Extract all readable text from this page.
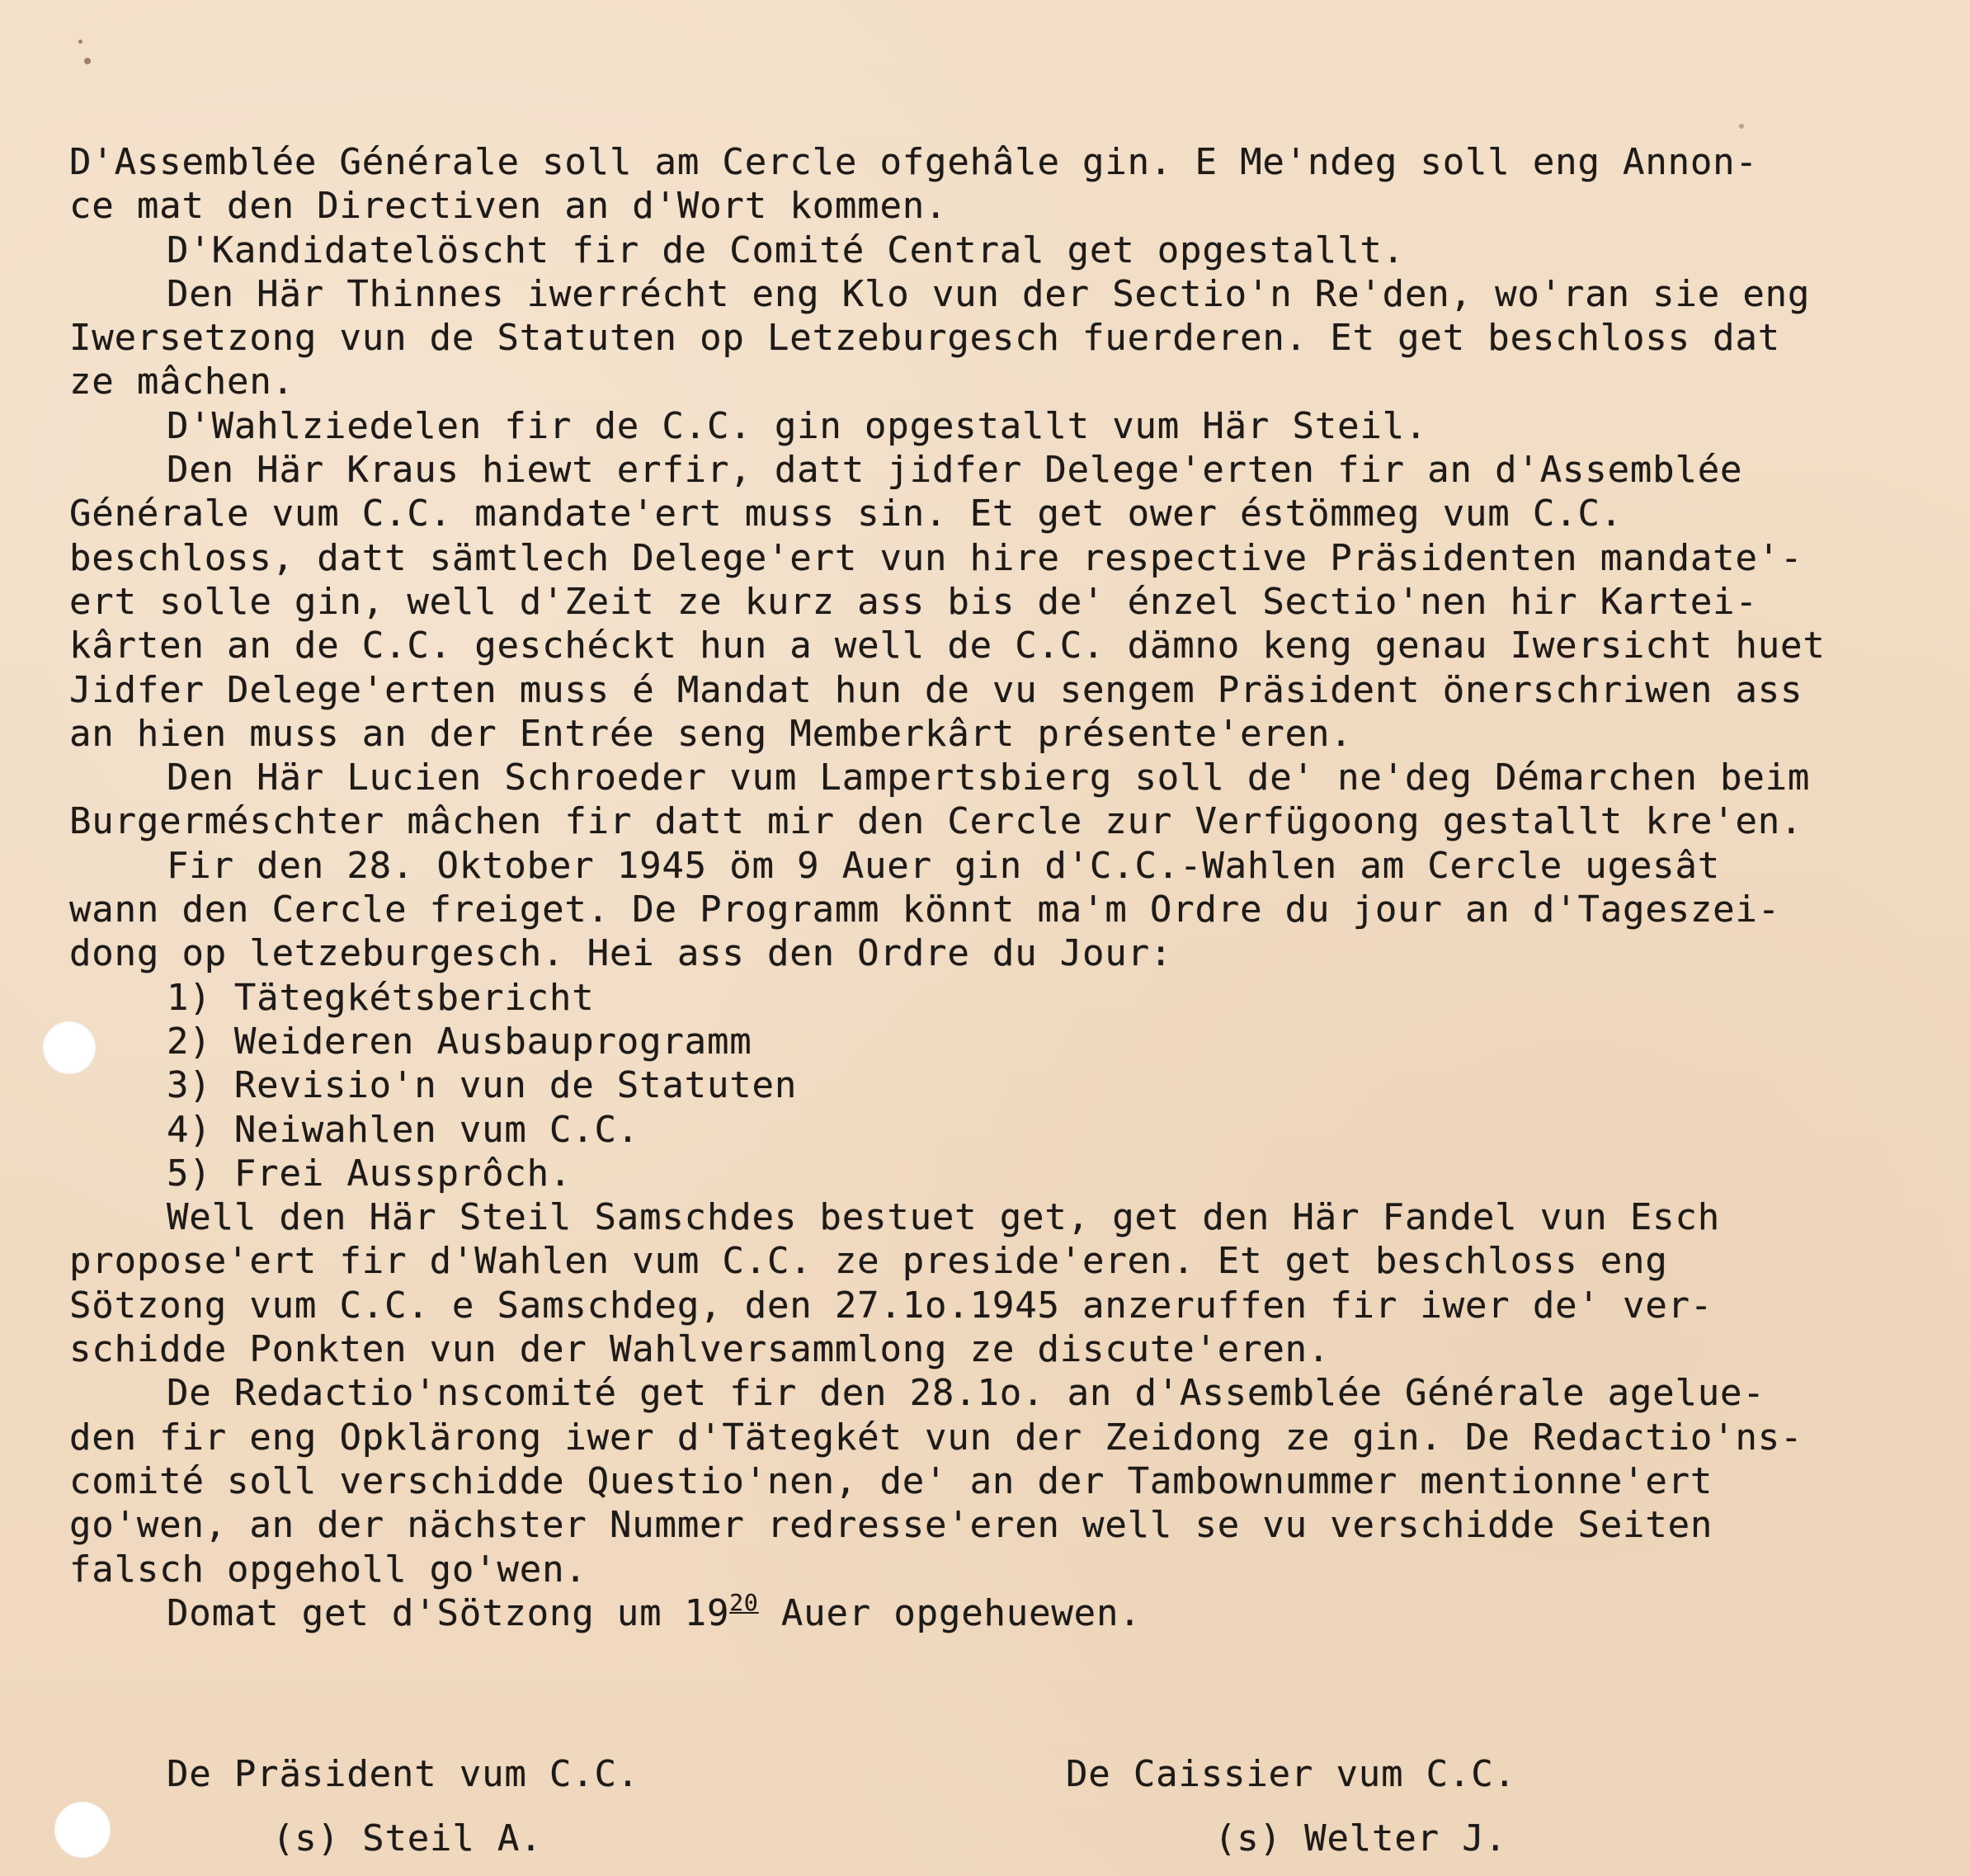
D'Assemblée Générale soll am Cercle ofgehâle gin. E Me'ndeg soll eng Annon-
ce mat den Directiven an d'Wort kommen.
D'Kandidatelöscht fir de Comité Central get opgestallt.
Den Här Thinnes iwerrécht eng Klo vun der Sectio'n Re'den, wo'ran sie eng
Iwersetzong vun de Statuten op Letzeburgesch fuerderen. Et get beschloss dat
ze mâchen.
D'Wahlziedelen fir de C.C. gin opgestallt vum Här Steil.
Den Här Kraus hiewt erfir, datt jidfer Delege'erten fir an d'Assemblée
Générale vum C.C. mandate'ert muss sin. Et get ower éstömmeg vum C.C.
beschloss, datt sämtlech Delege'ert vun hire respective Präsidenten mandate'-
ert solle gin, well d'Zeit ze kurz ass bis de' énzel Sectio'nen hir Kartei-
kârten an de C.C. geschéckt hun a well de C.C. dämno keng genau Iwersicht huet
Jidfer Delege'erten muss é Mandat hun de vu sengem Präsident önerschriwen ass
an hien muss an der Entrée seng Memberkârt présente'eren.
Den Här Lucien Schroeder vum Lampertsbierg soll de' ne'deg Démarchen beim
Burgerméschter mâchen fir datt mir den Cercle zur Verfügoong gestallt kre'en.
Fir den 28. Oktober 1945 öm 9 Auer gin d'C.C.-Wahlen am Cercle ugesât
wann den Cercle freiget. De Programm könnt ma'm Ordre du jour an d'Tageszei-
dong op letzeburgesch. Hei ass den Ordre du Jour:
1) Tätegkétsbericht
2) Weideren Ausbauprogramm
3) Revisio'n vun de Statuten
4) Neiwahlen vum C.C.
5) Frei Aussprôch.
Well den Här Steil Samschdes bestuet get, get den Här Fandel vun Esch
propose'ert fir d'Wahlen vum C.C. ze preside'eren. Et get beschloss eng
Sötzong vum C.C. e Samschdeg, den 27.1o.1945 anzeruffen fir iwer de' ver-
schidde Ponkten vun der Wahlversammlong ze discute'eren.
De Redactio'nscomité get fir den 28.1o. an d'Assemblée Générale agelue-
den fir eng Opklärong iwer d'Tätegkét vun der Zeidong ze gin. De Redactio'ns-
comité soll verschidde Questio'nen, de' an der Tambownummer mentionne'ert
go'wen, an der nächster Nummer redresse'eren well se vu verschidde Seiten
falsch opgeholl go'wen.
Domat get d'Sötzong um $19^{20}$ Auer opgehuewen.
De Präsident vum C.C.
(s) Steil A.
De Caissier vum C.C.
(s) Welter J.
